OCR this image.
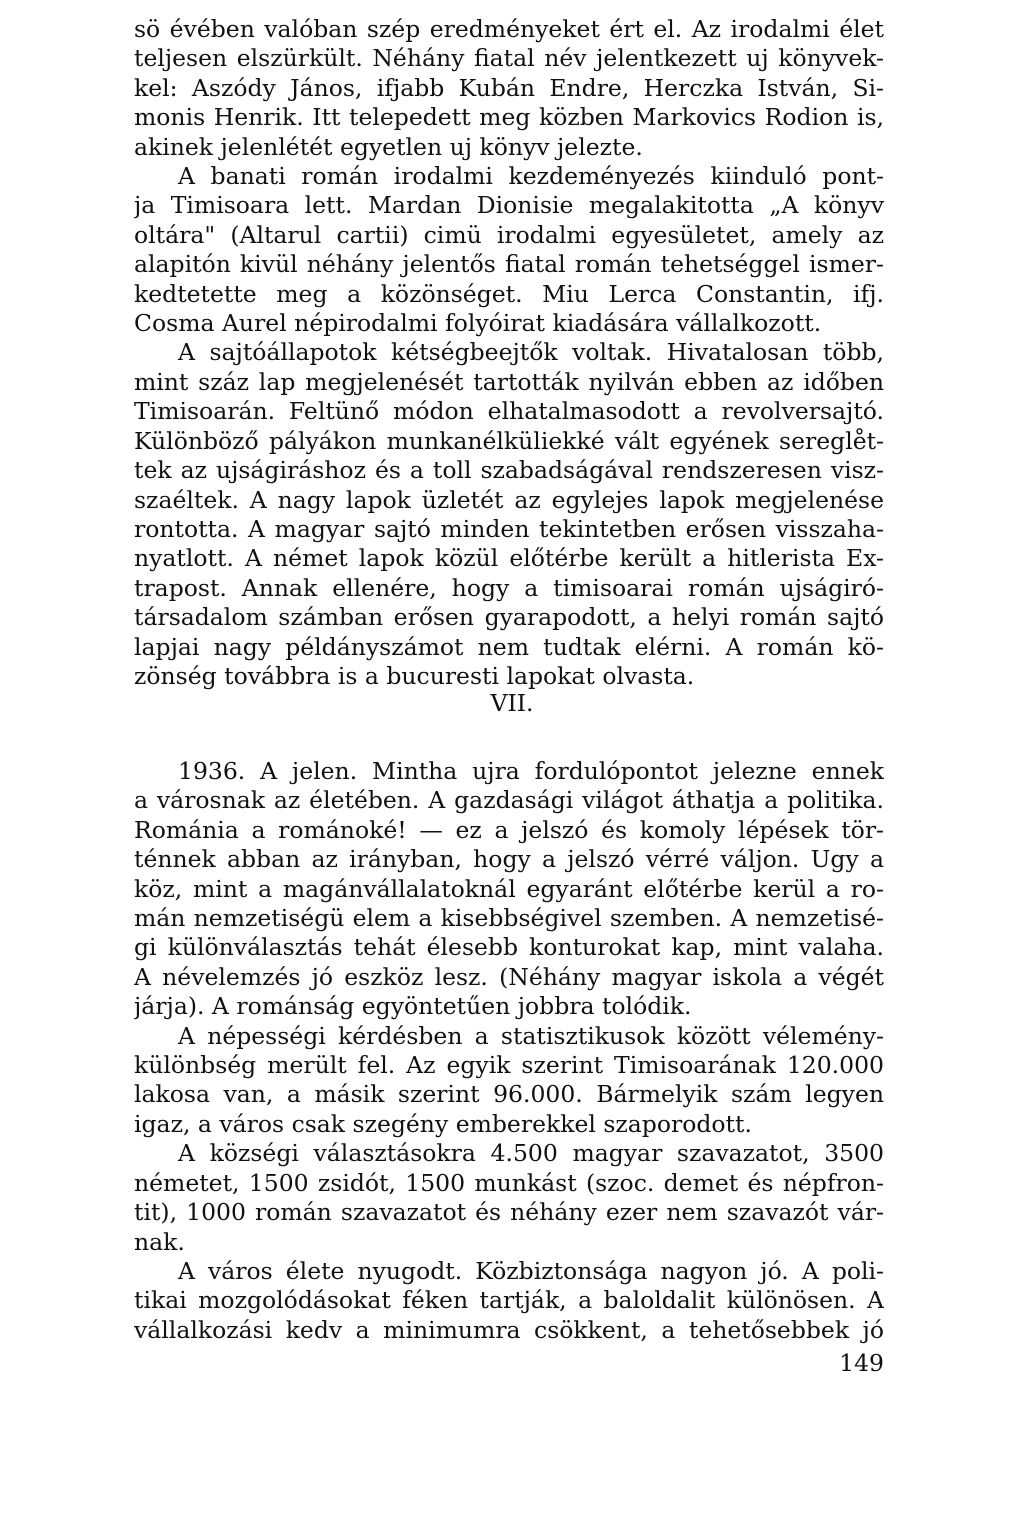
sö évében valóban szép eredményeket ért el. Az irodalmi élet
teljesen elszürkült. Néhány fiatal név jelentkezett uj könyvek-
kel: Aszódy János, ifjabb Kubán Endre, Herczka István, Si-
monis Henrik. Itt telepedett meg közben Markovics Rodion is,
akinek jelenlétét egyetlen uj könyv jelezte.
A banati román irodalmi kezdeményezés kiinduló pont-
ja Timisoara lett. Mardan Dionisie megalakitotta „A könyv
oltára" (Altarul cartii) cimü irodalmi egyesületet, amely az
alapitón kivül néhány jelentős fiatal román tehetséggel ismer-
kedtetette meg a közönséget. Miu Lerca Constantin, ifj.
Cosma Aurel népirodalmi folyóirat kiadására vállalkozott.
A sajtóállapotok kétségbeejtők voltak. Hivatalosan több,
mint száz lap megjelenését tartották nyilván ebben az időben
Timisoarán. Feltünő módon elhatalmasodott a revolversajtó.
Különböző pályákon munkanélküliekké vált egyének seregle̊t-
tek az ujságiráshoz és a toll szabadságával rendszeresen visz-
szaéltek. A nagy lapok üzletét az egylejes lapok megjelenése
rontotta. A magyar sajtó minden tekintetben erősen visszaha-
nyatlott. A német lapok közül előtérbe került a hitlerista Ex-
trapost. Annak ellenére, hogy a timisoarai román ujságiró-
társadalom számban erősen gyarapodott, a helyi román sajtó
lapjai nagy példányszámot nem tudtak elérni. A román kö-
zönség továbbra is a bucuresti lapokat olvasta.
VII.
1936. A jelen. Mintha ujra fordulópontot jelezne ennek
a városnak az életében. A gazdasági világot áthatja a politika.
Románia a románoké! — ez a jelszó és komoly lépések tör-
ténnek abban az irányban, hogy a jelszó vérré váljon. Ugy a
köz, mint a magánvállalatoknál egyaránt előtérbe kerül a ro-
mán nemzetiségü elem a kisebbségivel szemben. A nemzetisé-
gi különválasztás tehát élesebb konturokat kap, mint valaha.
A névelemzés jó eszköz lesz. (Néhány magyar iskola a végét
járja). A románság egyöntetűen jobbra tolódik.
A népességi kérdésben a statisztikusok között vélemény-
különbség merült fel. Az egyik szerint Timisoarának 120.000
lakosa van, a másik szerint 96.000. Bármelyik szám legyen
igaz, a város csak szegény emberekkel szaporodott.
A községi választásokra 4.500 magyar szavazatot, 3500
németet, 1500 zsidót, 1500 munkást (szoc. demet és népfron-
tit), 1000 román szavazatot és néhány ezer nem szavazót vár-
nak.
A város élete nyugodt. Közbiztonsága nagyon jó. A poli-
tikai mozgolódásokat féken tartják, a baloldalit különösen. A
vállalkozási kedv a minimumra csökkent, a tehetősebbek jó
149
